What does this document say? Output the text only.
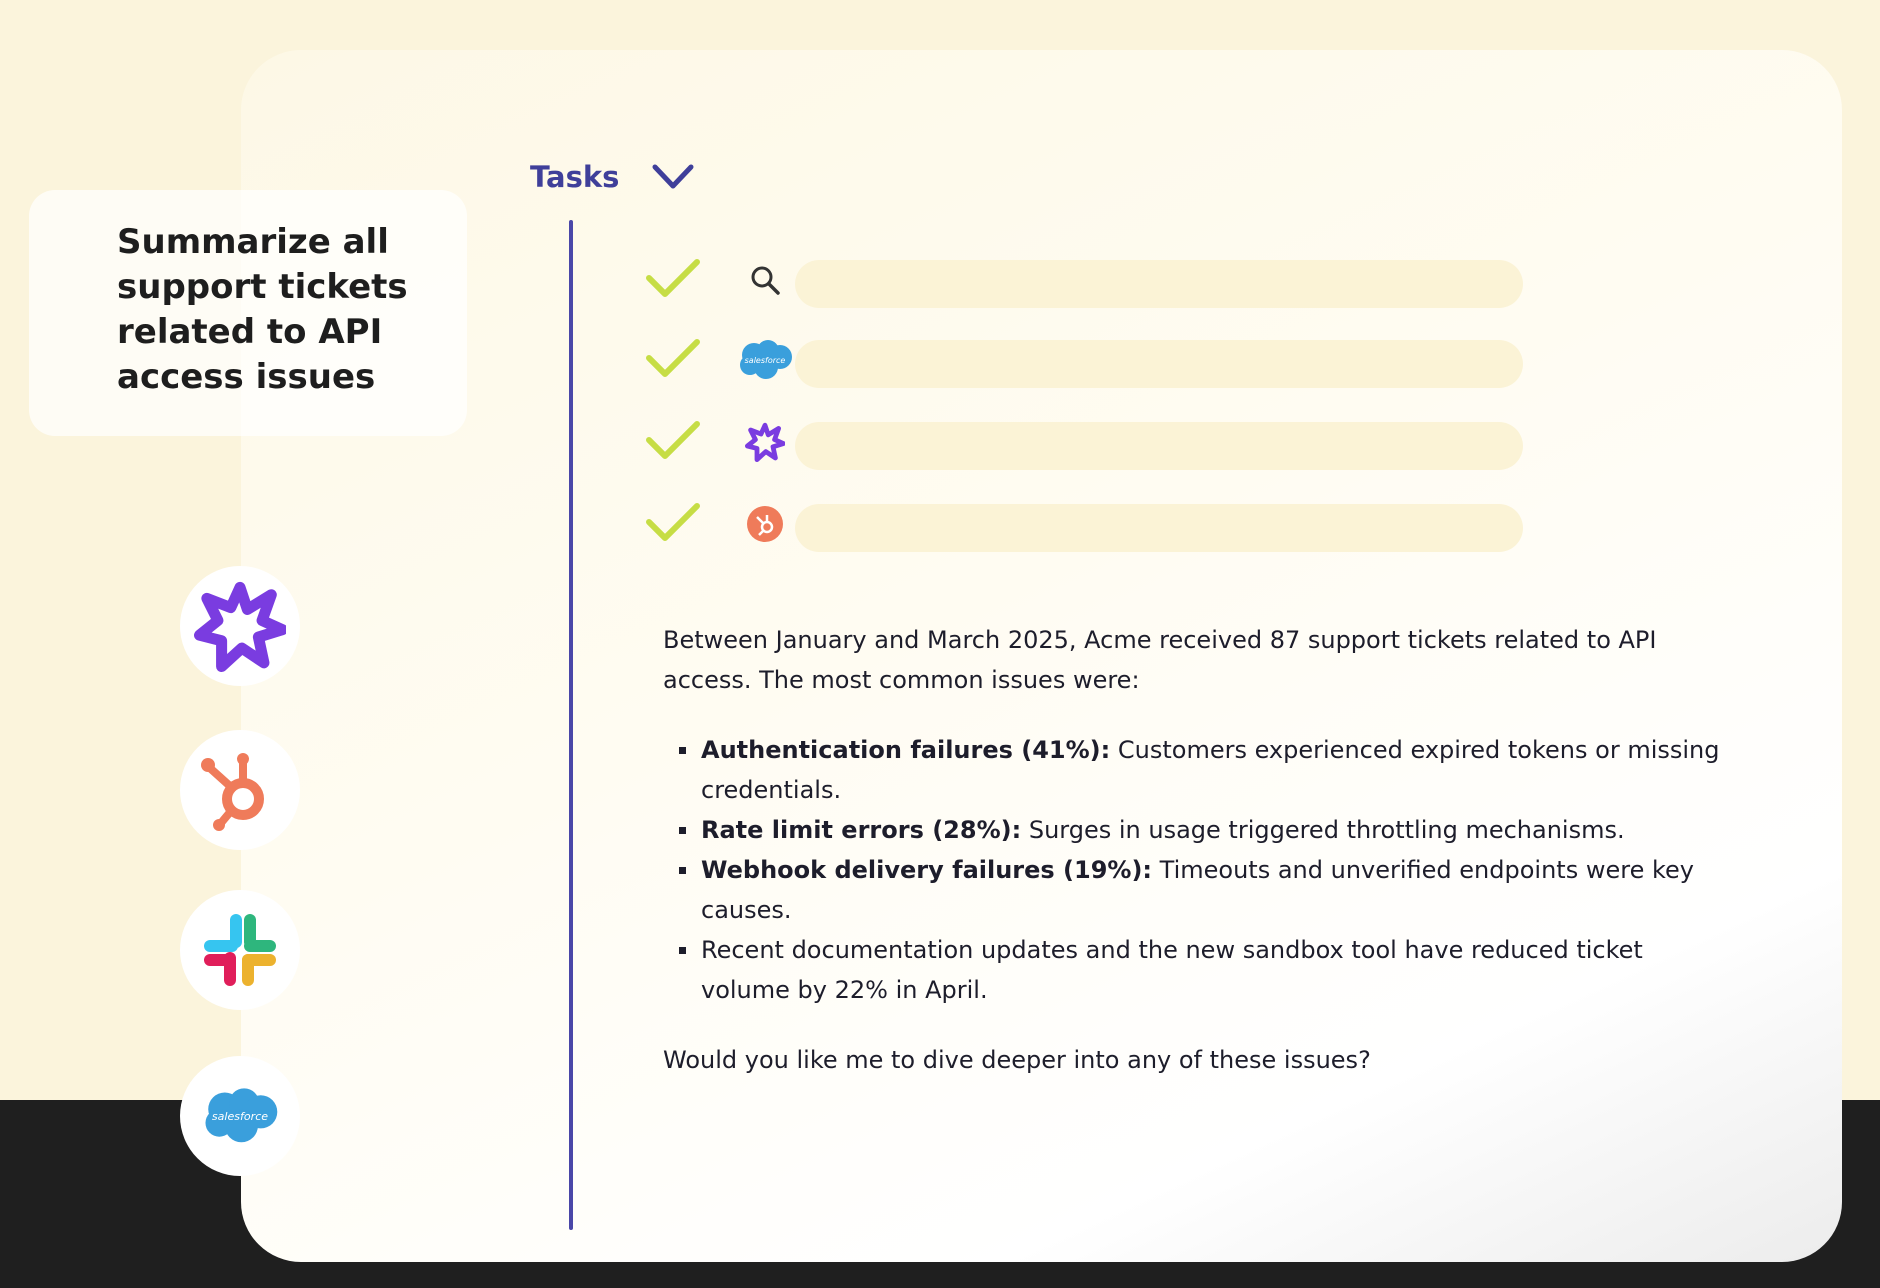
Summarize all support tickets related to API access issues
Tasks
salesforce
salesforce

Between January and March 2025, Acme received 87 support tickets related to API access. The most common issues were:

Authentication failures (41%): Customers experienced expired tokens or missing credentials.
Rate limit errors (28%): Surges in usage triggered throttling mechanisms.
Webhook delivery failures (19%): Timeouts and unverified endpoints were key causes.
Recent documentation updates and the new sandbox tool have reduced ticket volume by 22% in April.

Would you like me to dive deeper into any of these issues?
